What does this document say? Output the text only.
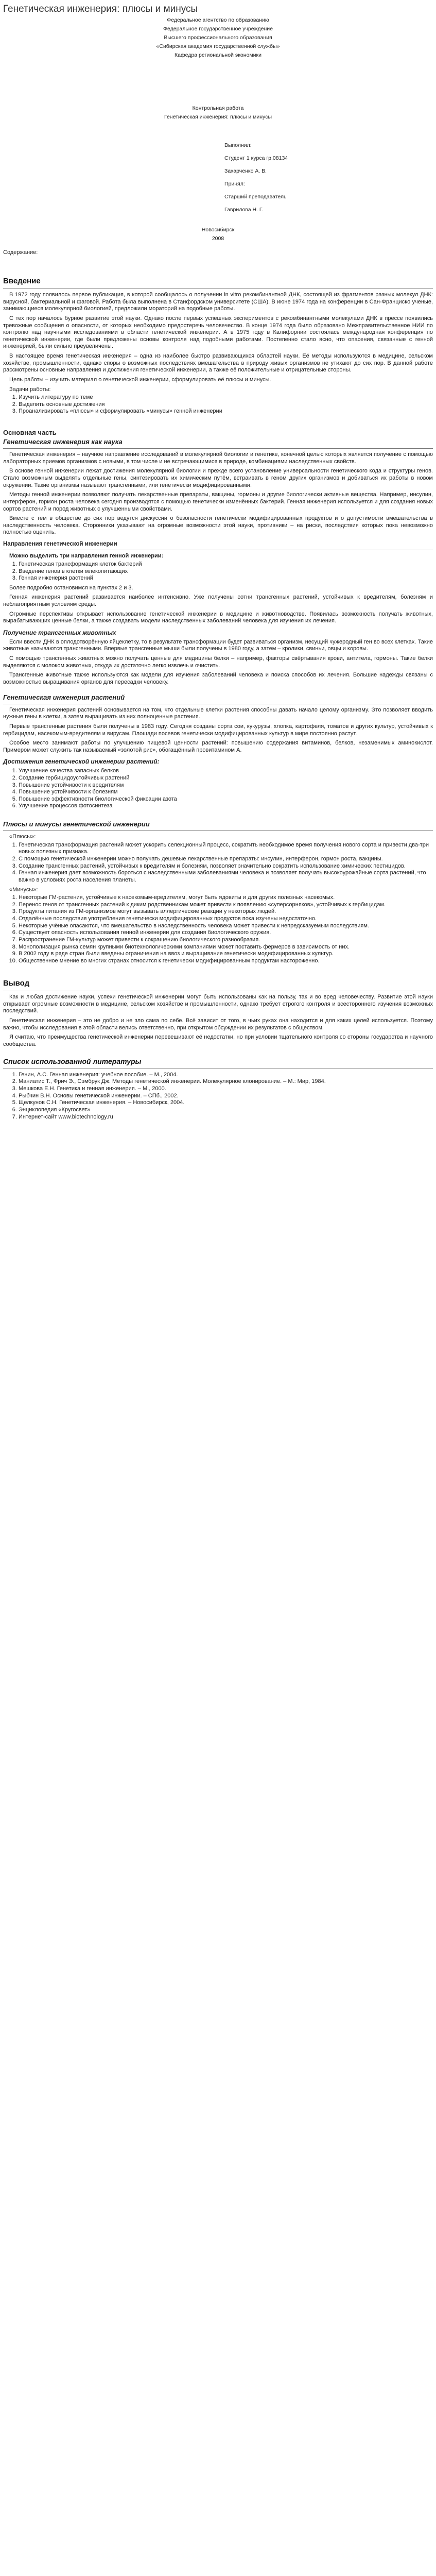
Генетическая инженерия: плюсы и минусы

Федеральное агентство по образованию

Федеральное государственное учреждение

Высшего профессионального образования

«Сибирская академия государственной службы»

Кафедра региональной экономики

Контрольная работа

Генетическая инженерия: плюсы и минусы

Выполнил:

Студент 1 курса гр.08134

Захарченко А. В.

Принял:

Старший преподаватель

Гаврилова Н. Г.

Новосибирск

2008

Содержание:

Введение

В 1972 году появилось первое публикация, в которой сообщалось о получении in vitro рекомбинантной ДНК, состоящей из фрагментов разных молекул ДНК: вирусной, бактериальной и фаговой. Работа была выполнена в Станфордском университете (США). В июне 1974 года на конференции в Сан-Франциско ученые, занимающиеся молекулярной биологией, предложили мораторий на подобные работы.

С тех пор началось бурное развитие этой науки. Однако после первых успешных экспериментов с рекомбинантными молекулами ДНК в прессе появились тревожные сообщения о опасности, от которых необходимо предостеречь человечество. В конце 1974 года было образовано Межправительственное НИИ по контролю над научными исследованиями в области генетической инженерии. А в 1975 году в Калифорнии состоялась международная конференция по генетической инженерии, где были предложены основы контроля над подобными работами. Постепенно стало ясно, что опасения, связанные с генной инженерией, были сильно преувеличены.

В настоящее время генетическая инженерия – одна из наиболее быстро развивающихся областей науки. Её методы используются в медицине, сельском хозяйстве, промышленности, однако споры о возможных последствиях вмешательства в природу живых организмов не утихают до сих пор. В данной работе рассмотрены основные направления и достижения генетической инженерии, а также её положительные и отрицательные стороны.

Цель работы – изучить материал о генетической инженерии, сформулировать её плюсы и минусы.

Задачи работы:

1. Изучить литературу по теме
2. Выделить основные достижения
3. Проанализировать «плюсы» и сформулировать «минусы» генной инженерии
Основная часть
Генетическая инженерия как наука

Генетическая инженерия – научное направление исследований в молекулярной биологии и генетике, конечной целью которых является получение с помощью лабораторных приемов организмов с новыми, в том числе и не встречающимися в природе, комбинациями наследственных свойств.

В основе генной инженерии лежат достижения молекулярной биологии и прежде всего установление универсальности генетического кода и структуры генов. Стало возможным выделять отдельные гены, синтезировать их химическим путём, встраивать в геном других организмов и добиваться их работы в новом окружении. Такие организмы называют трансгенными, или генетически модифицированными.

Методы генной инженерии позволяют получать лекарственные препараты, вакцины, гормоны и другие биологически активные вещества. Например, инсулин, интерферон, гормон роста человека сегодня производятся с помощью генетически изменённых бактерий. Генная инженерия используется и для создания новых сортов растений и пород животных с улучшенными свойствами.

Вместе с тем в обществе до сих пор ведутся дискуссии о безопасности генетически модифицированных продуктов и о допустимости вмешательства в наследственность человека. Сторонники указывают на огромные возможности этой науки, противники – на риски, последствия которых пока невозможно полностью оценить.

Направления генетической инженерии

Можно выделить три направления генной инженерии:

1. Генетическая трансформация клеток бактерий
2. Введение генов в клетки млекопитающих
3. Генная инженерия растений

Более подробно остановимся на пунктах 2 и 3.

Генная инженерия растений развивается наиболее интенсивно. Уже получены сотни трансгенных растений, устойчивых к вредителям, болезням и неблагоприятным условиям среды.

Огромные перспективы открывает использование генетической инженерии в медицине и животноводстве. Появилась возможность получать животных, вырабатывающих ценные белки, а также создавать модели наследственных заболеваний человека для изучения их лечения.

Получение трансгенных животных

Если ввести ДНК в оплодотворённую яйцеклетку, то в результате трансформации будет развиваться организм, несущий чужеродный ген во всех клетках. Такие животные называются трансгенными. Впервые трансгенные мыши были получены в 1980 году, а затем – кролики, свиньи, овцы и коровы.

С помощью трансгенных животных можно получать ценные для медицины белки – например, факторы свёртывания крови, антитела, гормоны. Такие белки выделяются с молоком животных, откуда их достаточно легко извлечь и очистить.

Трансгенные животные также используются как модели для изучения заболеваний человека и поиска способов их лечения. Большие надежды связаны с возможностью выращивания органов для пересадки человеку.

Генетическая инженерия растений

Генетическая инженерия растений основывается на том, что отдельные клетки растения способны давать начало целому организму. Это позволяет вводить нужные гены в клетки, а затем выращивать из них полноценные растения.

Первые трансгенные растения были получены в 1983 году. Сегодня созданы сорта сои, кукурузы, хлопка, картофеля, томатов и других культур, устойчивых к гербицидам, насекомым-вредителям и вирусам. Площади посевов генетически модифицированных культур в мире постоянно растут.

Особое место занимают работы по улучшению пищевой ценности растений: повышению содержания витаминов, белков, незаменимых аминокислот. Примером может служить так называемый «золотой рис», обогащённый провитамином А.

Достижения генетической инженерии растений:
1. Улучшение качества запасных белков
2. Создание гербицидоустойчивых растений
3. Повышение устойчивости к вредителям
4. Повышение устойчивости к болезням
5. Повышение эффективности биологической фиксации азота
6. Улучшение процессов фотосинтеза
Плюсы и минусы генетической инженерии

«Плюсы»:

1. Генетическая трансформация растений может ускорить селекционный процесс, сократить необходимое время получения нового сорта и привести два-три новых полезных признака.
2. С помощью генетической инженерии можно получать дешевые лекарственные препараты: инсулин, интерферон, гормон роста, вакцины.
3. Создание трансгенных растений, устойчивых к вредителям и болезням, позволяет значительно сократить использование химических пестицидов.
4. Генная инженерия дает возможность бороться с наследственными заболеваниями человека и позволяет получать высокоурожайные сорта растений, что важно в условиях роста населения планеты.

«Минусы»:

1. Некоторые ГМ-растения, устойчивые к насекомым-вредителям, могут быть ядовиты и для других полезных насекомых.
2. Перенос генов от трансгенных растений к диким родственникам может привести к появлению «суперсорняков», устойчивых к гербицидам.
3. Продукты питания из ГМ-организмов могут вызывать аллергические реакции у некоторых людей.
4. Отдалённые последствия употребления генетически модифицированных продуктов пока изучены недостаточно.
5. Некоторые учёные опасаются, что вмешательство в наследственность человека может привести к непредсказуемым последствиям.
6. Существует опасность использования генной инженерии для создания биологического оружия.
7. Распространение ГМ-культур может привести к сокращению биологического разнообразия.
8. Монополизация рынка семян крупными биотехнологическими компаниями может поставить фермеров в зависимость от них.
9. В 2002 году в ряде стран были введены ограничения на ввоз и выращивание генетически модифицированных культур.
10. Общественное мнение во многих странах относится к генетически модифицированным продуктам настороженно.
Вывод

Как и любая достижение науки, успехи генетической инженерии могут быть использованы как на пользу, так и во вред человечеству. Развитие этой науки открывает огромные возможности в медицине, сельском хозяйстве и промышленности, однако требует строгого контроля и всестороннего изучения возможных последствий.

Генетическая инженерия – это не добро и не зло сама по себе. Всё зависит от того, в чьих руках она находится и для каких целей используется. Поэтому важно, чтобы исследования в этой области велись ответственно, при открытом обсуждении их результатов с обществом.

Я считаю, что преимущества генетической инженерии перевешивают её недостатки, но при условии тщательного контроля со стороны государства и научного сообщества.

Список использованной литературы
1. Генин, А.С. Генная инженерия: учебное пособие. – М., 2004.
2. Маниатис Т., Фрич Э., Сэмбрук Дж. Методы генетической инженерии. Молекулярное клонирование. – М.: Мир, 1984.
3. Мешкова Е.Н. Генетика и генная инженерия. – М., 2000.
4. Рыбчин В.Н. Основы генетической инженерии. – СПб., 2002.
5. Щелкунов С.Н. Генетическая инженерия. – Новосибирск, 2004.
6. Энциклопедия «Кругосвет»
7. Интернет-сайт www.biotechnology.ru
